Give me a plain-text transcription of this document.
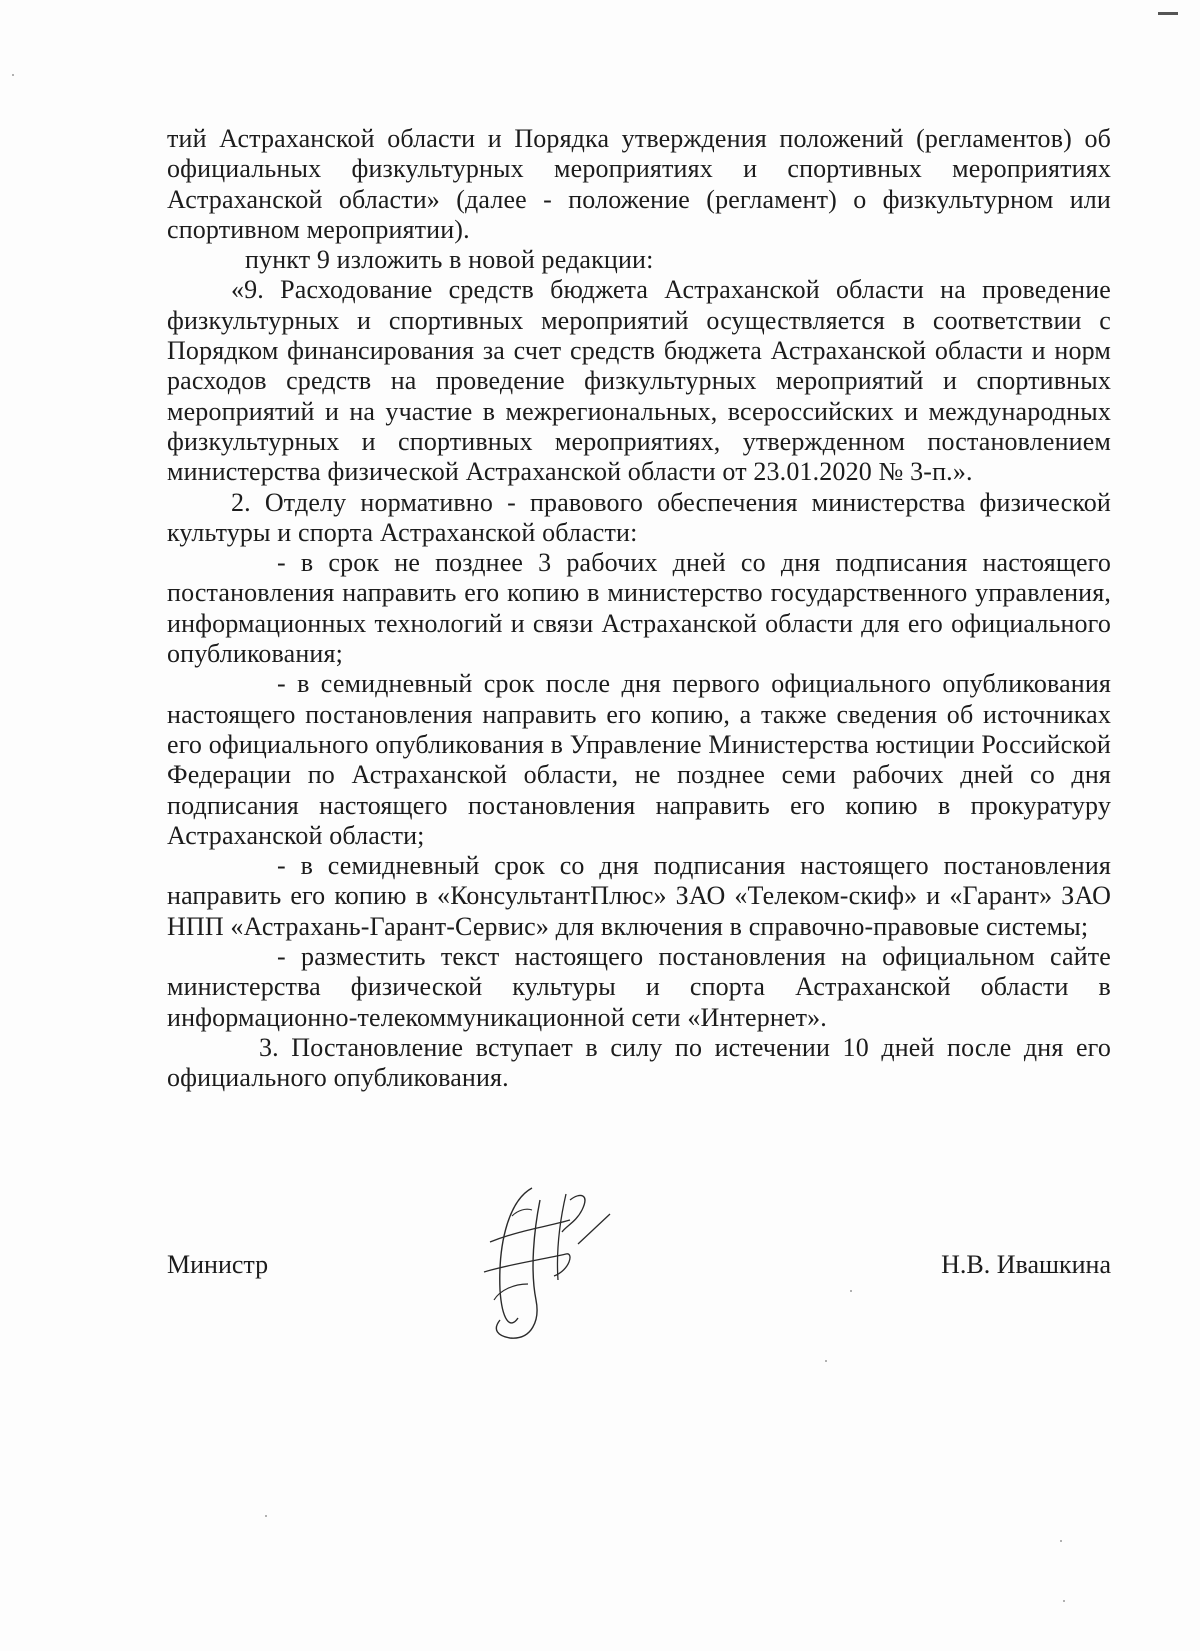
тий Астраханской области и Порядка утверждения положений (регламентов) об официальных физкультурных мероприятиях и спортивных мероприятиях Астраханской области» (далее - положение (регламент) о физкультурном или спортивном мероприятии).

пункт 9 изложить в новой редакции:

«9. Расходование средств бюджета Астраханской области на проведение физкультурных и спортивных мероприятий осуществляется в соответствии с Порядком финансирования за счет средств бюджета Астраханской области и норм расходов средств на проведение физкультурных мероприятий и спортивных мероприятий и на участие в межрегиональных, всероссийских и международных физкультурных и спортивных мероприятиях, утвержденном постановлением министерства физической Астраханской области от 23.01.2020 № 3-п.».

2. Отделу нормативно - правового обеспечения министерства физической культуры и спорта Астраханской области:

- в срок не позднее 3 рабочих дней со дня подписания настоящего постановления направить его копию в министерство государственного управления, информационных технологий и связи Астраханской области для его официального опубликования;

- в семидневный срок после дня первого официального опубликования настоящего постановления направить его копию, а также сведения об источниках его официального опубликования в Управление Министерства юстиции Российской Федерации по Астраханской области, не позднее семи рабочих дней со дня подписания настоящего постановления направить его копию в прокуратуру Астраханской области;

- в семидневный срок со дня подписания настоящего постановления направить его копию в «КонсультантПлюс» ЗАО «Телеком-скиф» и «Гарант» ЗАО НПП «Астрахань-Гарант-Сервис» для включения в справочно-правовые системы;

- разместить текст настоящего постановления на официальном сайте министерства физической культуры и спорта Астраханской области в информационно-телекоммуникационной сети «Интернет».

3. Постановление вступает в силу по истечении 10 дней после дня его официального опубликования.

Министр	Н.В. Ивашкина
